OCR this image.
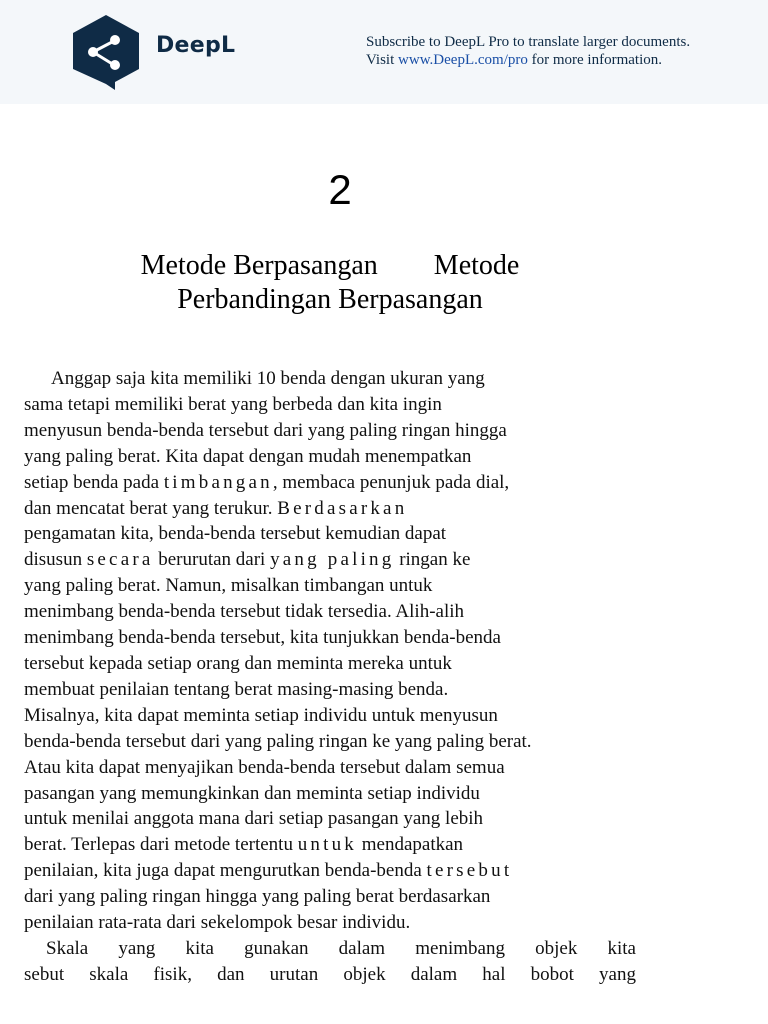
DeepL	Subscribe to DeepL Pro to translate larger documents.
Visit www.DeepL.com/pro for more information.
2
Metode Berpasangan Metode
Perbandingan Berpasangan
Anggap saja kita memiliki 10 benda dengan ukuran yang
sama tetapi memiliki berat yang berbeda dan kita ingin
menyusun benda-benda tersebut dari yang paling ringan hingga
yang paling berat. Kita dapat dengan mudah menempatkan
setiap benda pada timbangan, membaca penunjuk pada dial,
dan mencatat berat yang terukur. Berdasarkan
pengamatan kita, benda-benda tersebut kemudian dapat
disusun secara berurutan dari yang paling ringan ke
yang paling berat. Namun, misalkan timbangan untuk
menimbang benda-benda tersebut tidak tersedia. Alih-alih
menimbang benda-benda tersebut, kita tunjukkan benda-benda
tersebut kepada setiap orang dan meminta mereka untuk
membuat penilaian tentang berat masing-masing benda.
Misalnya, kita dapat meminta setiap individu untuk menyusun
benda-benda tersebut dari yang paling ringan ke yang paling berat.
Atau kita dapat menyajikan benda-benda tersebut dalam semua
pasangan yang memungkinkan dan meminta setiap individu
untuk menilai anggota mana dari setiap pasangan yang lebih
berat. Terlepas dari metode tertentu untuk mendapatkan
penilaian, kita juga dapat mengurutkan benda-benda tersebut
dari yang paling ringan hingga yang paling berat berdasarkan
penilaian rata-rata dari sekelompok besar individu.
Skala yang kita gunakan dalam menimbang objek kita
sebut skala fisik, dan urutan objek dalam hal bobot yang
